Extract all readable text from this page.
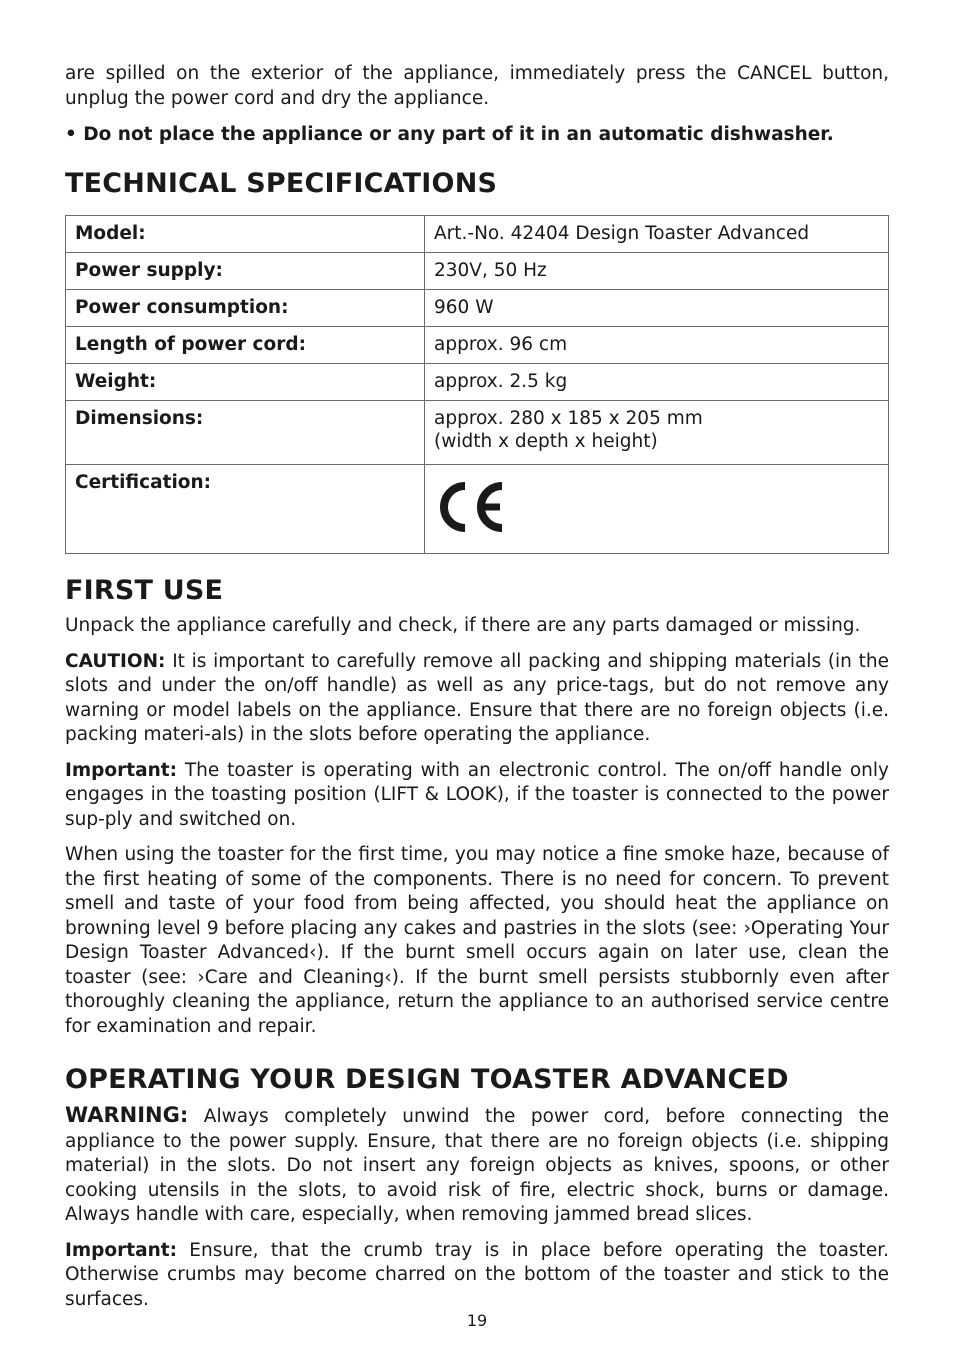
are spilled on the exterior of the appliance, immediately press the CANCEL button, unplug the power cord and dry the appliance.

• Do not place the appliance or any part of it in an automatic dishwasher.

TECHNICAL SPECIFICATIONS
Model:	Art.-No. 42404 Design Toaster Advanced
Power supply:	230V, 50 Hz
Power consumption:	960 W
Length of power cord:	approx. 96 cm
Weight:	approx. 2.5 kg
Dimensions:	approx. 280 x 185 x 205 mm
(width x depth x height)
Certification:	
FIRST USE

Unpack the appliance carefully and check, if there are any parts damaged or missing.

CAUTION: It is important to carefully remove all packing and shipping materials (in the slots and under the on/off handle) as well as any price-tags, but do not remove any warning or model labels on the appliance. Ensure that there are no foreign objects (i.e. packing materi-als) in the slots before operating the appliance.

Important: The toaster is operating with an electronic control. The on/off handle only engages in the toasting position (LIFT & LOOK), if the toaster is connected to the power sup-ply and switched on.

When using the toaster for the first time, you may notice a fine smoke haze, because of the first heating of some of the components. There is no need for concern. To prevent smell and taste of your food from being affected, you should heat the appliance on browning level 9 before placing any cakes and pastries in the slots (see: ›Operating Your Design Toaster Advanced‹). If the burnt smell occurs again on later use, clean the toaster (see: ›Care and Cleaning‹). If the burnt smell persists stubbornly even after thoroughly cleaning the appliance, return the appliance to an authorised service centre for examination and repair.

OPERATING YOUR DESIGN TOASTER ADVANCED

WARNING: Always completely unwind the power cord, before connecting the appliance to the power supply. Ensure, that there are no foreign objects (i.e. shipping material) in the slots. Do not insert any foreign objects as knives, spoons, or other cooking utensils in the slots, to avoid risk of fire, electric shock, burns or damage. Always handle with care, especially, when removing jammed bread slices.

Important: Ensure, that the crumb tray is in place before operating the toaster. Otherwise crumbs may become charred on the bottom of the toaster and stick to the surfaces.

19
